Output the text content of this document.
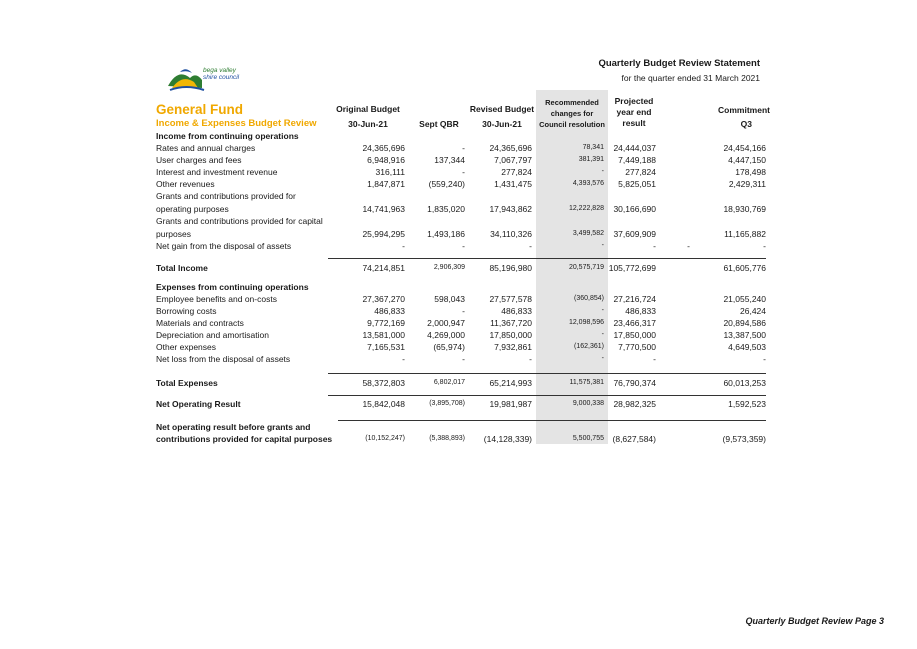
bega valley
shire council
Quarterly Budget Review Statement
for the quarter ended 31 March 2021
General Fund
Income & Expenses Budget Review
Original Budget
30-Jun-21	Sept QBR
Revised Budget
30-Jun-21
Recommended
changes for
Council resolution
Projected
year end
result
Commitment
Q3
Income from continuing operations
Rates and annual charges	24,365,696	-	24,365,696	78,341 24,444,037	24,454,166
User charges and fees	6,948,916	137,344	7,067,797	381,391 7,449,188	4,447,150
Interest and investment revenue	316,111	-	277,824	-	277,824	178,498
Other revenues	1,847,871	(559,240)	1,431,475	4,393,576 5,825,051	2,429,311
Grants and contributions provided for
operating purposes	14,741,963	1,835,020	17,943,862	12,222,828 30,166,690	18,930,769
Grants and contributions provided for capital
purposes	25,994,295	1,493,186	34,110,326	3,499,582 37,609,909	11,165,882
Net gain from the disposal of assets	-	-	-	-	-	-	-
Total Income	74,214,851	2,906,309	85,196,980	20,575,719 105,772,699	61,605,776
Expenses from continuing operations
Employee benefits and on-costs	27,367,270	598,043	27,577,578	(360,854) 27,216,724	21,055,240
Borrowing costs	486,833	-	486,833	-	486,833	26,424
Materials and contracts	9,772,169	2,000,947	11,367,720	12,098,596 23,466,317	20,894,586
Depreciation and amortisation	13,581,000	4,269,000	17,850,000	- 17,850,000	13,387,500
Other expenses	7,165,531	(65,974)	7,932,861	(162,361) 7,770,500	4,649,503
Net loss from the disposal of assets	-	-	-	-	-	-
Total Expenses	58,372,803	6,802,017	65,214,993	11,575,381 76,790,374	60,013,253
Net Operating Result	15,842,048	(3,895,708)	19,981,987	9,000,338 28,982,325	1,592,523
Net operating result before grants and
contributions provided for capital purposes	(10,152,247)	(5,388,893) (14,128,339)	5,500,755 (8,627,584)	(9,573,359)
Quarterly Budget Review Page 3
